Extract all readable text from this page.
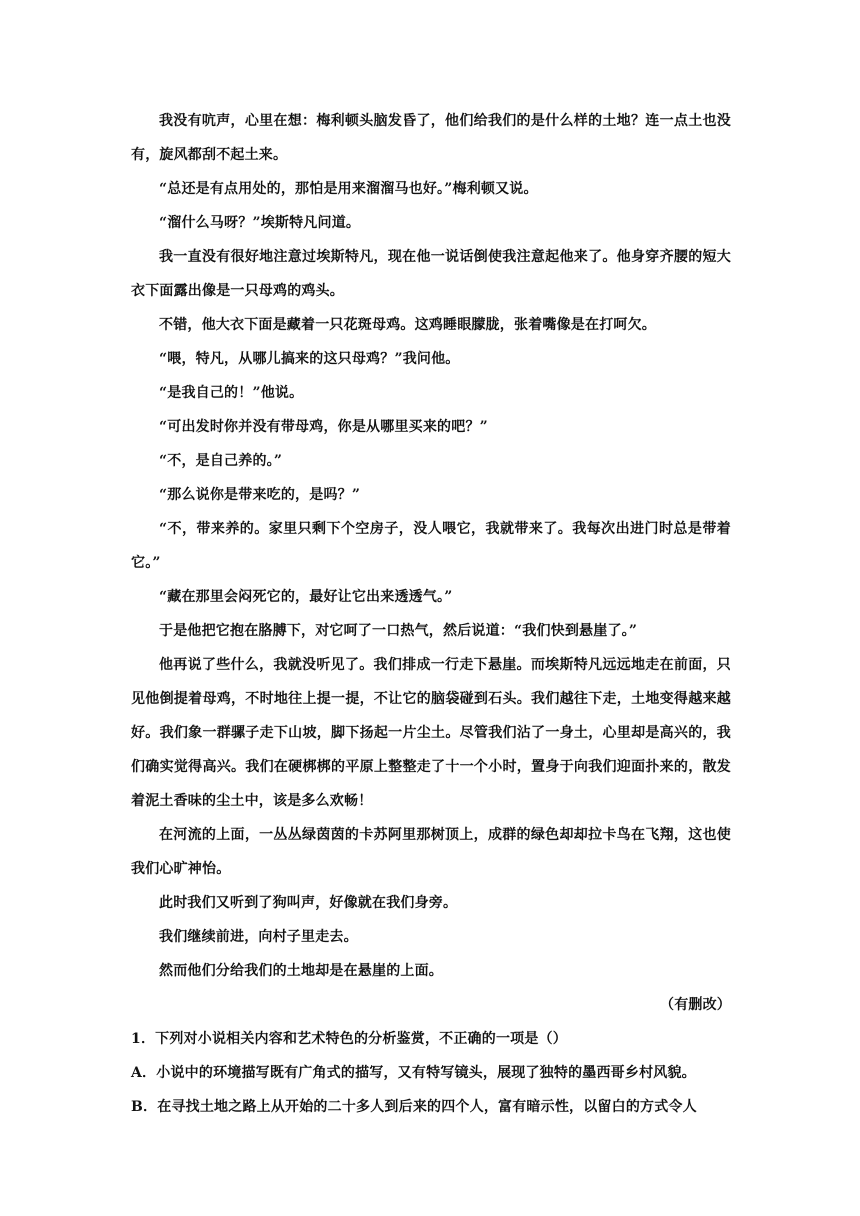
我没有吭声，心里在想：梅利顿头脑发昏了，他们给我们的是什么样的土地？连一点土也没有，旋风都刮不起土来。

“总还是有点用处的，那怕是用来溜溜马也好。”梅利顿又说。

“溜什么马呀？”埃斯特凡问道。

我一直没有很好地注意过埃斯特凡，现在他一说话倒使我注意起他来了。他身穿齐腰的短大衣下面露出像是一只母鸡的鸡头。

不错，他大衣下面是藏着一只花斑母鸡。这鸡睡眼朦胧，张着嘴像是在打呵欠。

“喂，特凡，从哪儿搞来的这只母鸡？”我问他。

“是我自己的！”他说。

“可出发时你并没有带母鸡，你是从哪里买来的吧？”

“不，是自己养的。”

“那么说你是带来吃的，是吗？”

“不，带来养的。家里只剩下个空房子，没人喂它，我就带来了。我每次出进门时总是带着它。”

“藏在那里会闷死它的，最好让它出来透透气。”

于是他把它抱在胳膊下，对它呵了一口热气，然后说道：“我们快到悬崖了。”

他再说了些什么，我就没听见了。我们排成一行走下悬崖。而埃斯特凡远远地走在前面，只见他倒提着母鸡，不时地往上提一提，不让它的脑袋碰到石头。我们越往下走，土地变得越来越好。我们象一群骡子走下山坡，脚下扬起一片尘土。尽管我们沾了一身土，心里却是高兴的，我们确实觉得高兴。我们在硬梆梆的平原上整整走了十一个小时，置身于向我们迎面扑来的，散发着泥土香味的尘土中，该是多么欢畅！

在河流的上面，一丛丛绿茵茵的卡苏阿里那树顶上，成群的绿色却却拉卡鸟在飞翔，这也使我们心旷神怡。

此时我们又听到了狗叫声，好像就在我们身旁。

我们继续前进，向村子里走去。

然而他们分给我们的土地却是在悬崖的上面。

（有删改）

1．下列对小说相关内容和艺术特色的分析鉴赏，不正确的一项是（）

A．小说中的环境描写既有广角式的描写，又有特写镜头，展现了独特的墨西哥乡村风貌。

B．在寻找土地之路上从开始的二十多人到后来的四个人，富有暗示性，以留白的方式令人
